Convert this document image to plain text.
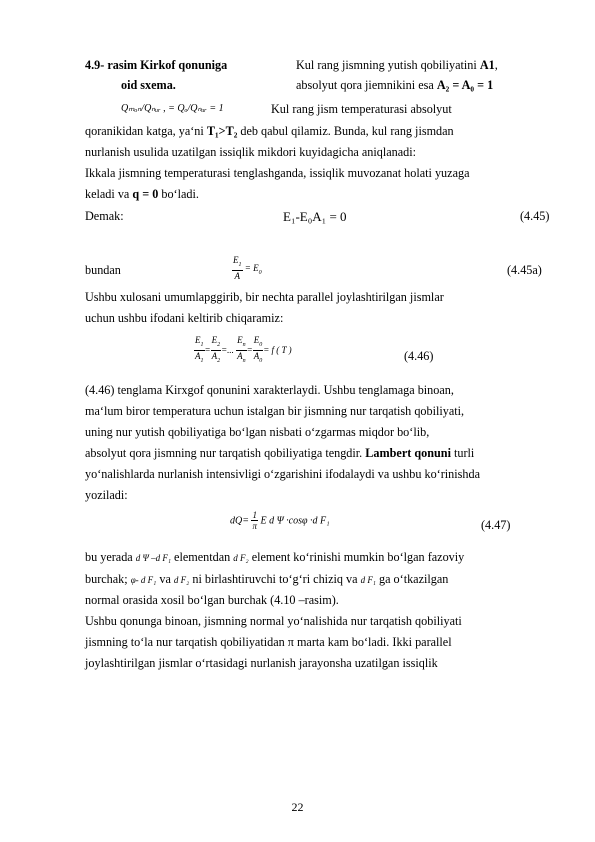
4.9- rasim Kirkof qonuniga
oid sxema.
Qₘₒₙ/Qₙᵤᵣ , = Qₒ/Qₙᵤᵣ = 1
Kul rang jismning yutish qobiliyatini A1,
absolyut qora jiemnikini esa A₂ = A₀ = 1
Kul rang jism temperaturasi absolyut
qoranikidan katga, ya‘ni T₁>T₂ deb qabul qilamiz. Bunda, kul rang jismdan
nurlanish usulida uzatilgan issiqlik mikdori kuyidagicha aniqlanadi:
Ikkala jismning temperaturasi tenglashganda, issiqlik muvozanat holati yuzaga
keladi va q = 0 bo‘ladi.
Demak:	E₁-E₀A₁ = 0	(4.45)
bundan	$\frac{E_1}{A} = E_0$	(4.45a)
Ushbu xulosani umumlapggirib, bir nechta parallel joylashtirilgan jismlar
uchun ushbu ifodani keltirib chiqaramiz:
$\frac{E_1}{A_1} = \frac{E_2}{A_2}$ =... $\frac{E_n}{A_n} = \frac{E_0}{A_0} = f$ ( T )	(4.46)
(4.46) tenglama Kirxgof qonunini xarakterlaydi. Ushbu tenglamaga binoan,
ma‘lum biror temperatura uchun istalgan bir jismning nur tarqatish qobiliyati,
uning nur yutish qobiliyatiga bo‘lgan nisbati o‘zgarmas miqdor bo‘lib,
absolyut qora jismning nur tarqatish qobiliyatiga tengdir. Lambert qonuni turli
yo‘nalishlarda nurlanish intensivligi o‘zgarishini ifodalaydi va ushbu ko‘rinishda
yoziladi:
$dQ= \frac{1}{\pi}$ E d Ψ ·cosφ ·d F₁	(4.47)
bu yerada d Ψ –d F₁ elementdan d F₂ element ko‘rinishi mumkin bo‘lgan fazoviy
burchak; φ- d F₁ va d F₂ ni birlashtiruvchi to‘g‘ri chiziq va d F₁ ga o‘tkazilgan
normal orasida xosil bo‘lgan burchak (4.10 –rasim).
Ushbu qonunga binoan, jismning normal yo‘nalishida nur tarqatish qobiliyati
jismning to‘la nur tarqatish qobiliyatidan π marta kam bo‘ladi. Ikki parallel
joylashtirilgan jismlar o‘rtasidagi nurlanish jarayonsha uzatilgan issiqlik
22
